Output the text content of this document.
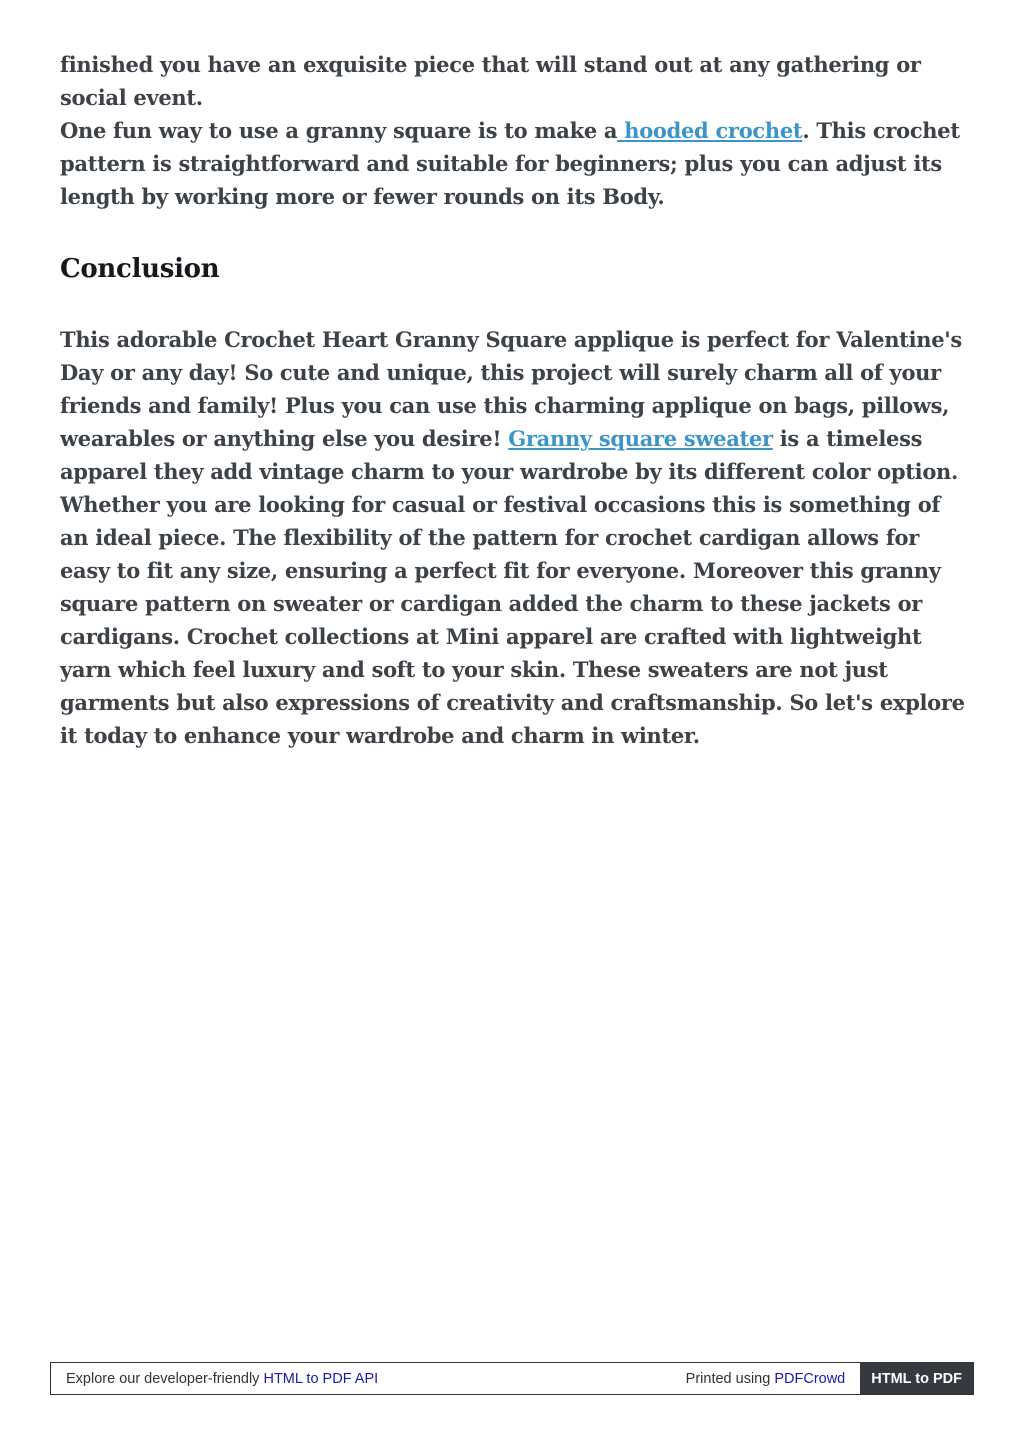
finished you have an exquisite piece that will stand out at any gathering or social event.

One fun way to use a granny square is to make a hooded crochet. This crochet pattern is straightforward and suitable for beginners; plus you can adjust its length by working more or fewer rounds on its Body.

Conclusion

This adorable Crochet Heart Granny Square applique is perfect for Valentine's Day or any day! So cute and unique, this project will surely charm all of your friends and family! Plus you can use this charming applique on bags, pillows, wearables or anything else you desire! Granny square sweater is a timeless apparel they add vintage charm to your wardrobe by its different color option. Whether you are looking for casual or festival occasions this is something of an ideal piece. The flexibility of the pattern for crochet cardigan allows for easy to fit any size, ensuring a perfect fit for everyone. Moreover this granny square pattern on sweater or cardigan added the charm to these jackets or cardigans. Crochet collections at Mini apparel are crafted with lightweight yarn which feel luxury and soft to your skin. These sweaters are not just garments but also expressions of creativity and craftsmanship. So let's explore it today to enhance your wardrobe and charm in winter.

Explore our developer-friendly HTML to PDF API	Printed using PDFCrowd	HTML to PDF
